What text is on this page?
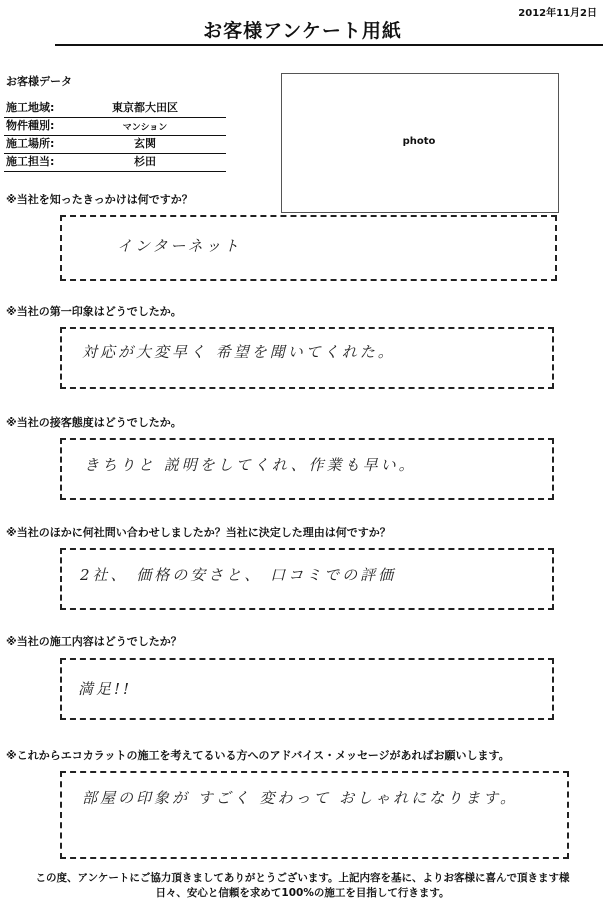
2012年11月2日
お客様アンケート用紙
お客様データ
施工地域:	東京都大田区
物件種別:	マンション
施工場所:	玄関
施工担当:	杉田
photo
※当社を知ったきっかけは何ですか？
インターネット
※当社の第一印象はどうでしたか。
対応が大変早く 希望を聞いてくれた。
※当社の接客態度はどうでしたか。
きちりと 説明をしてくれ、作業も早い。
※当社のほかに何社問い合わせしましたか？当社に決定した理由は何ですか？
2社、 価格の安さと、 口コミでの評価
※当社の施工内容はどうでしたか？
満足!!
※これからエコカラットの施工を考えてるいる方へのアドバイス・メッセージがあればお願いします。
部屋の印象が すごく 変わって おしゃれになります。
この度、アンケートにご協力頂きましてありがとうございます。上記内容を基に、よりお客様に喜んで頂きます様
日々、安心と信頼を求めて100%の施工を目指して行きます。
